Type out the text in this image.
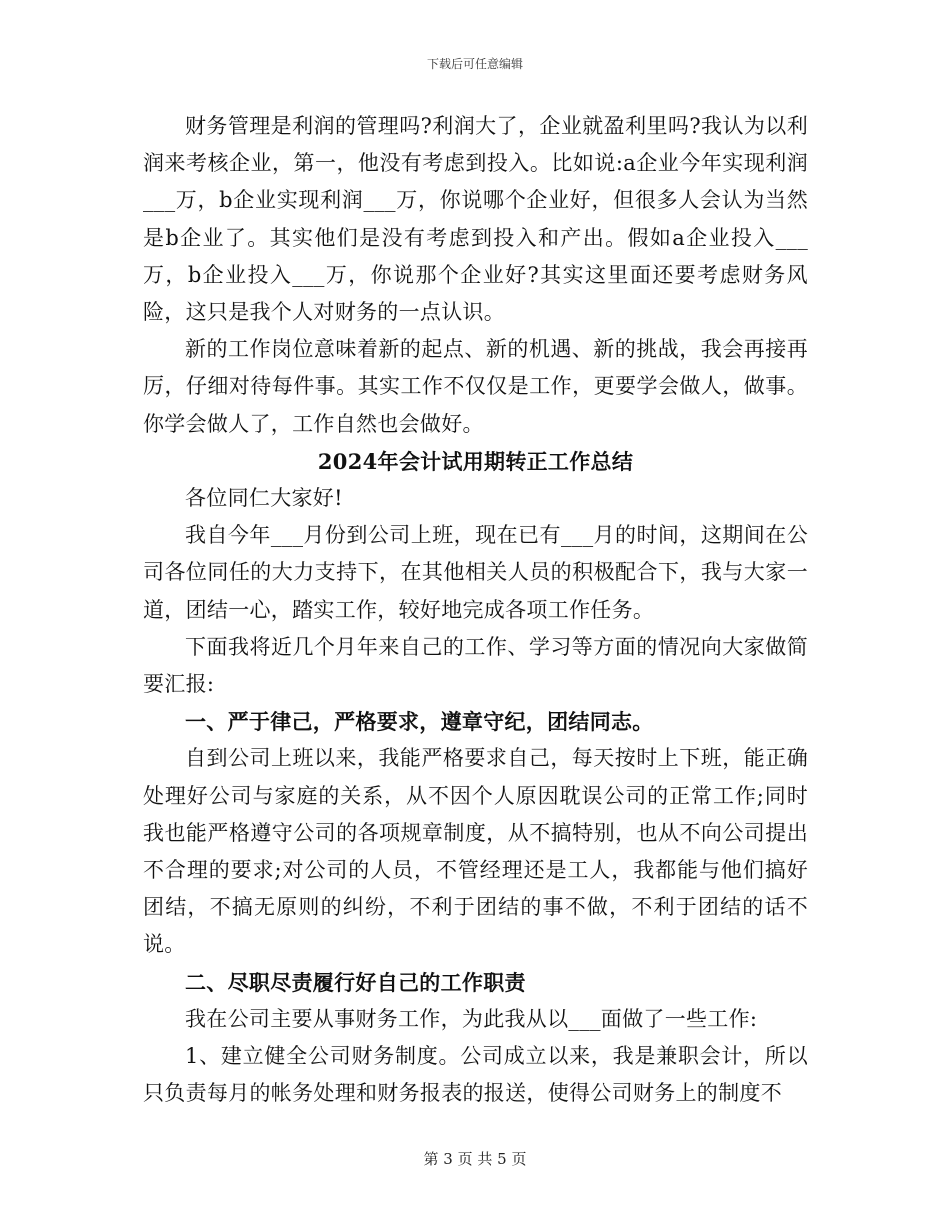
下载后可任意编辑

财务管理是利润的管理吗?利润大了，企业就盈利里吗?我认为以利润来考核企业，第一，他没有考虑到投入。比如说:a企业今年实现利润___万，b企业实现利润___万，你说哪个企业好，但很多人会认为当然是b企业了。其实他们是没有考虑到投入和产出。假如a企业投入___万，b企业投入___万，你说那个企业好?其实这里面还要考虑财务风险，这只是我个人对财务的一点认识。

新的工作岗位意味着新的起点、新的机遇、新的挑战，我会再接再厉，仔细对待每件事。其实工作不仅仅是工作，更要学会做人，做事。你学会做人了，工作自然也会做好。

2024年会计试用期转正工作总结

各位同仁大家好!

我自今年___月份到公司上班，现在已有___月的时间，这期间在公司各位同任的大力支持下，在其他相关人员的积极配合下，我与大家一道，团结一心，踏实工作，较好地完成各项工作任务。

下面我将近几个月年来自己的工作、学习等方面的情况向大家做简要汇报:

一、严于律己，严格要求，遵章守纪，团结同志。

自到公司上班以来，我能严格要求自己，每天按时上下班，能正确处理好公司与家庭的关系，从不因个人原因耽误公司的正常工作;同时我也能严格遵守公司的各项规章制度，从不搞特别，也从不向公司提出不合理的要求;对公司的人员，不管经理还是工人，我都能与他们搞好团结，不搞无原则的纠纷，不利于团结的事不做，不利于团结的话不说。

二、尽职尽责履行好自己的工作职责

我在公司主要从事财务工作，为此我从以___面做了一些工作:

1、建立健全公司财务制度。公司成立以来，我是兼职会计，所以只负责每月的帐务处理和财务报表的报送，使得公司财务上的制度不

第 3 页 共 5 页
